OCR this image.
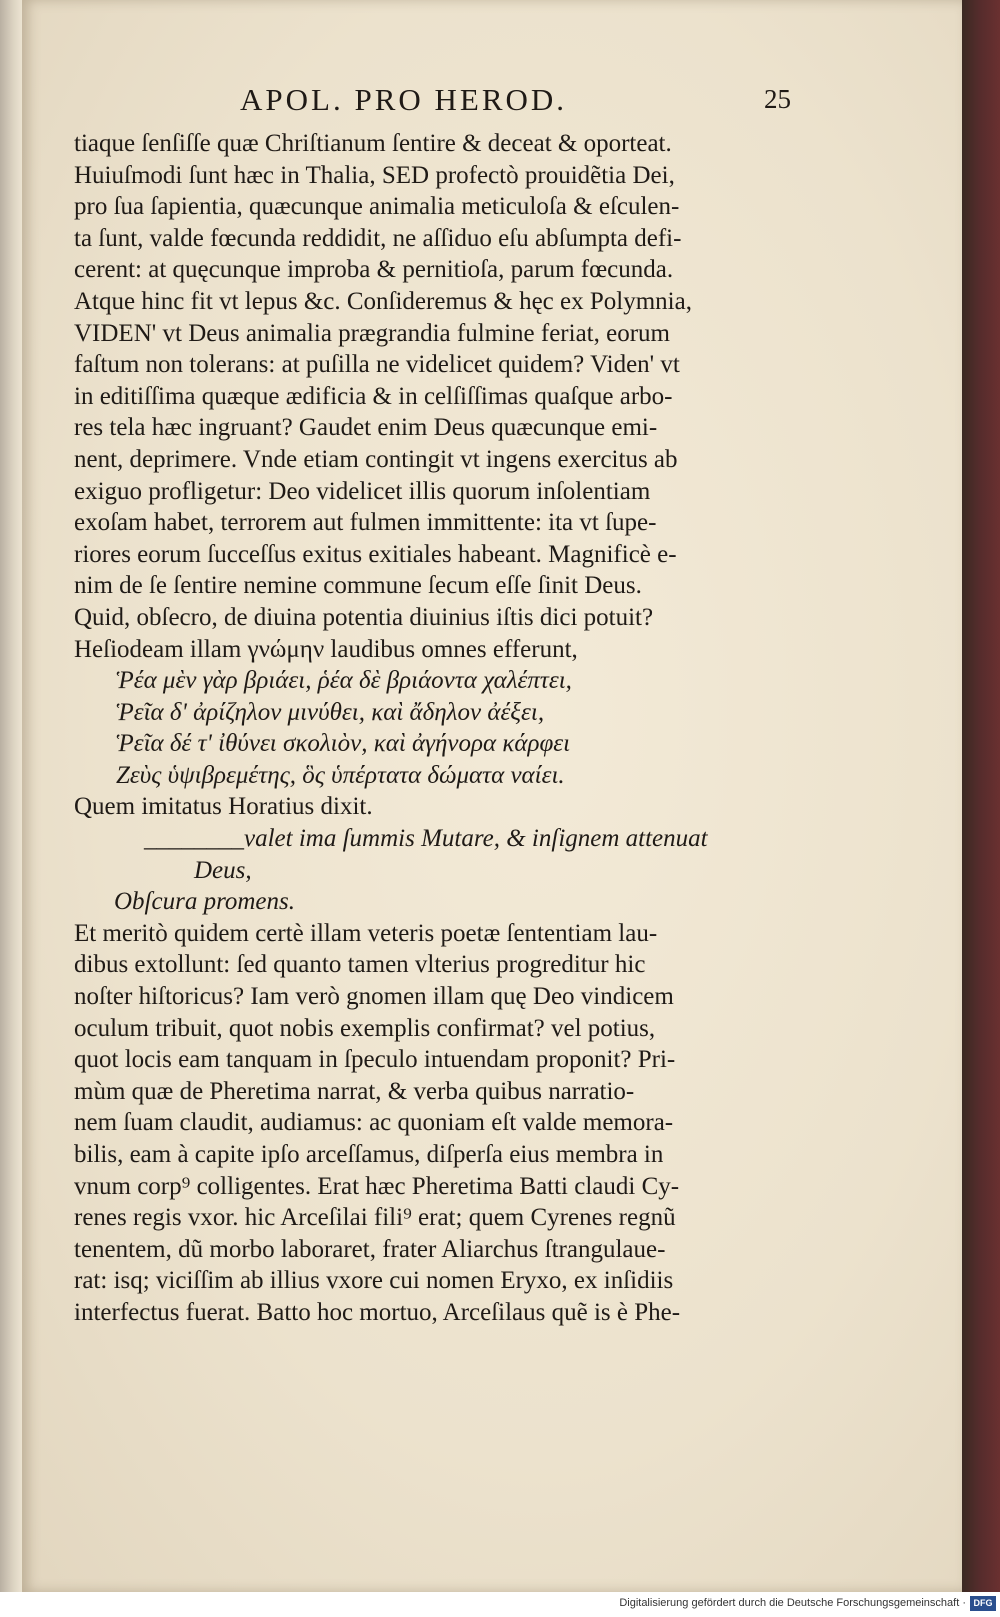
APOL. PRO HEROD.	25
tiaque ſenſiſſe quæ Chriſtianum ſentire & deceat & oporteat.
Huiuſmodi ſunt hæc in Thalia, SED profectò prouidẽtia Dei,
pro ſua ſapientia, quæcunque animalia meticuloſa & eſculen-
ta ſunt, valde fœcunda reddidit, ne aſſiduo eſu abſumpta defi-
cerent: at quęcunque improba & pernitioſa, parum fœcunda.
Atque hinc fit vt lepus &c. Conſideremus & hęc ex Polymnia,
VIDEN' vt Deus animalia prægrandia fulmine feriat, eorum
faſtum non tolerans: at puſilla ne videlicet quidem? Viden' vt
in editiſſima quæque ædificia & in celſiſſimas quaſque arbo-
res tela hæc ingruant? Gaudet enim Deus quæcunque emi-
nent, deprimere. Vnde etiam contingit vt ingens exercitus ab
exiguo profligetur: Deo videlicet illis quorum inſolentiam
exoſam habet, terrorem aut fulmen immittente: ita vt ſupe-
riores eorum ſucceſſus exitus exitiales habeant. Magnificè e-
nim de ſe ſentire nemine commune ſecum eſſe ſinit Deus.
Quid, obſecro, de diuina potentia diuinius iſtis dici potuit?
Heſiodeam illam γνώμην laudibus omnes efferunt,
Ῥέα μὲν γὰρ βριάει, ῥέα δὲ βριάοντα χαλέπτει,
Ῥεῖα δ' ἀρίζηλον μινύθει, καὶ ἄδηλον ἀέξει,
Ῥεῖα δέ τ' ἰθύνει σκολιὸν, καὶ ἀγήνορα κάρφει
Ζεὺς ὑψιβρεμέτης, ὃς ὑπέρτατα δώματα ναίει.
Quem imitatus Horatius dixit.
________valet ima ſummis Mutare, & inſignem attenuat
Deus,
Obſcura promens.
Et meritò quidem certè illam veteris poetæ ſententiam lau-
dibus extollunt: ſed quanto tamen vlterius progreditur hic
noſter hiſtoricus? Iam verò gnomen illam quę Deo vindicem
oculum tribuit, quot nobis exemplis confirmat? vel potius,
quot locis eam tanquam in ſpeculo intuendam proponit? Pri-
mùm quæ de Pheretima narrat, & verba quibus narratio-
nem ſuam claudit, audiamus: ac quoniam eſt valde memora-
bilis, eam à capite ipſo arceſſamus, diſperſa eius membra in
vnum corp⁹ colligentes. Erat hæc Pheretima Batti claudi Cy-
renes regis vxor. hic Arceſilai fili⁹ erat; quem Cyrenes regnũ
tenentem, dũ morbo laboraret, frater Aliarchus ſtrangulaue-
rat: isq; viciſſim ab illius vxore cui nomen Eryxo, ex inſidiis
interfectus fuerat. Batto hoc mortuo, Arceſilaus quẽ is è Phe-
Digitalisierung gefördert durch die Deutsche Forschungsgemeinschaft · DFG
